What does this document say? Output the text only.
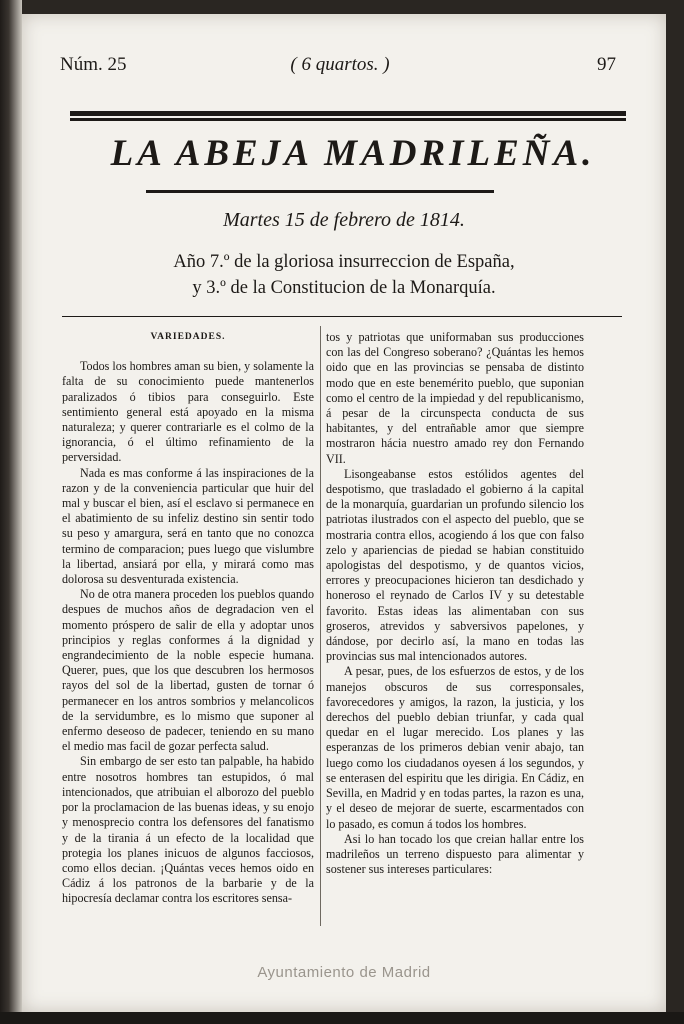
Núm. 25	( 6 quartos. )	97
LA ABEJA MADRILEÑA.
Martes 15 de febrero de 1814.
Año 7.º de la gloriosa insurreccion de España,
y 3.º de la Constitucion de la Monarquía.

VARIEDADES.

Todos los hombres aman su bien, y solamente la falta de su conocimiento puede mantenerlos paralizados ó tibios para conseguirlo. Este sentimiento general está apoyado en la misma naturaleza; y querer contrariarle es el colmo de la ignorancia, ó el último refinamiento de la perversidad.

Nada es mas conforme á las inspiraciones de la razon y de la conveniencia particular que huir del mal y buscar el bien, así el esclavo si permanece en el abatimiento de su infeliz destino sin sentir todo su peso y amargura, será en tanto que no conozca termino de comparacion; pues luego que vislumbre la libertad, ansiará por ella, y mirará como mas dolorosa su desventurada existencia.

No de otra manera proceden los pueblos quando despues de muchos años de degradacion ven el momento próspero de salir de ella y adoptar unos principios y reglas conformes á la dignidad y engrandecimiento de la noble especie humana. Querer, pues, que los que descubren los hermosos rayos del sol de la libertad, gusten de tornar ó permanecer en los antros sombrios y melancolicos de la servidumbre, es lo mismo que suponer al enfermo deseoso de padecer, teniendo en su mano el medio mas facil de gozar perfecta salud.

Sin embargo de ser esto tan palpable, ha habido entre nosotros hombres tan estupidos, ó mal intencionados, que atribuian el alborozo del pueblo por la proclamacion de las buenas ideas, y su enojo y menosprecio contra los defensores del fanatismo y de la tirania á un efecto de la localidad que protegia los planes inicuos de algunos facciosos, como ellos decian. ¡Quántas veces hemos oido en Cádiz á los patronos de la barbarie y de la hipocresía declamar contra los escritores sensa-

tos y patriotas que uniformaban sus producciones con las del Congreso soberano? ¿Quántas les hemos oido que en las provincias se pensaba de distinto modo que en este benemérito pueblo, que suponian como el centro de la impiedad y del republicanismo, á pesar de la circunspecta conducta de sus habitantes, y del entrañable amor que siempre mostraron hácia nuestro amado rey don Fernando VII.

Lisongeabanse estos estólidos agentes del despotismo, que trasladado el gobierno á la capital de la monarquía, guardarian un profundo silencio los patriotas ilustrados con el aspecto del pueblo, que se mostraria contra ellos, acogiendo á los que con falso zelo y apariencias de piedad se habian constituido apologistas del despotismo, y de quantos vicios, errores y preocupaciones hicieron tan desdichado y honeroso el reynado de Carlos IV y su detestable favorito. Estas ideas las alimentaban con sus groseros, atrevidos y sabversivos papelones, y dándose, por decirlo así, la mano en todas las provincias sus mal intencionados autores.

A pesar, pues, de los esfuerzos de estos, y de los manejos obscuros de sus corresponsales, favorecedores y amigos, la razon, la justicia, y los derechos del pueblo debian triunfar, y cada qual quedar en el lugar merecido. Los planes y las esperanzas de los primeros debian venir abajo, tan luego como los ciudadanos oyesen á los segundos, y se enterasen del espiritu que les dirigia. En Cádiz, en Sevilla, en Madrid y en todas partes, la razon es una, y el deseo de mejorar de suerte, escarmentados con lo pasado, es comun á todos los hombres.

Asi lo han tocado los que creian hallar entre los madrileños un terreno dispuesto para alimentar y sostener sus intereses particulares:

Ayuntamiento de Madrid
